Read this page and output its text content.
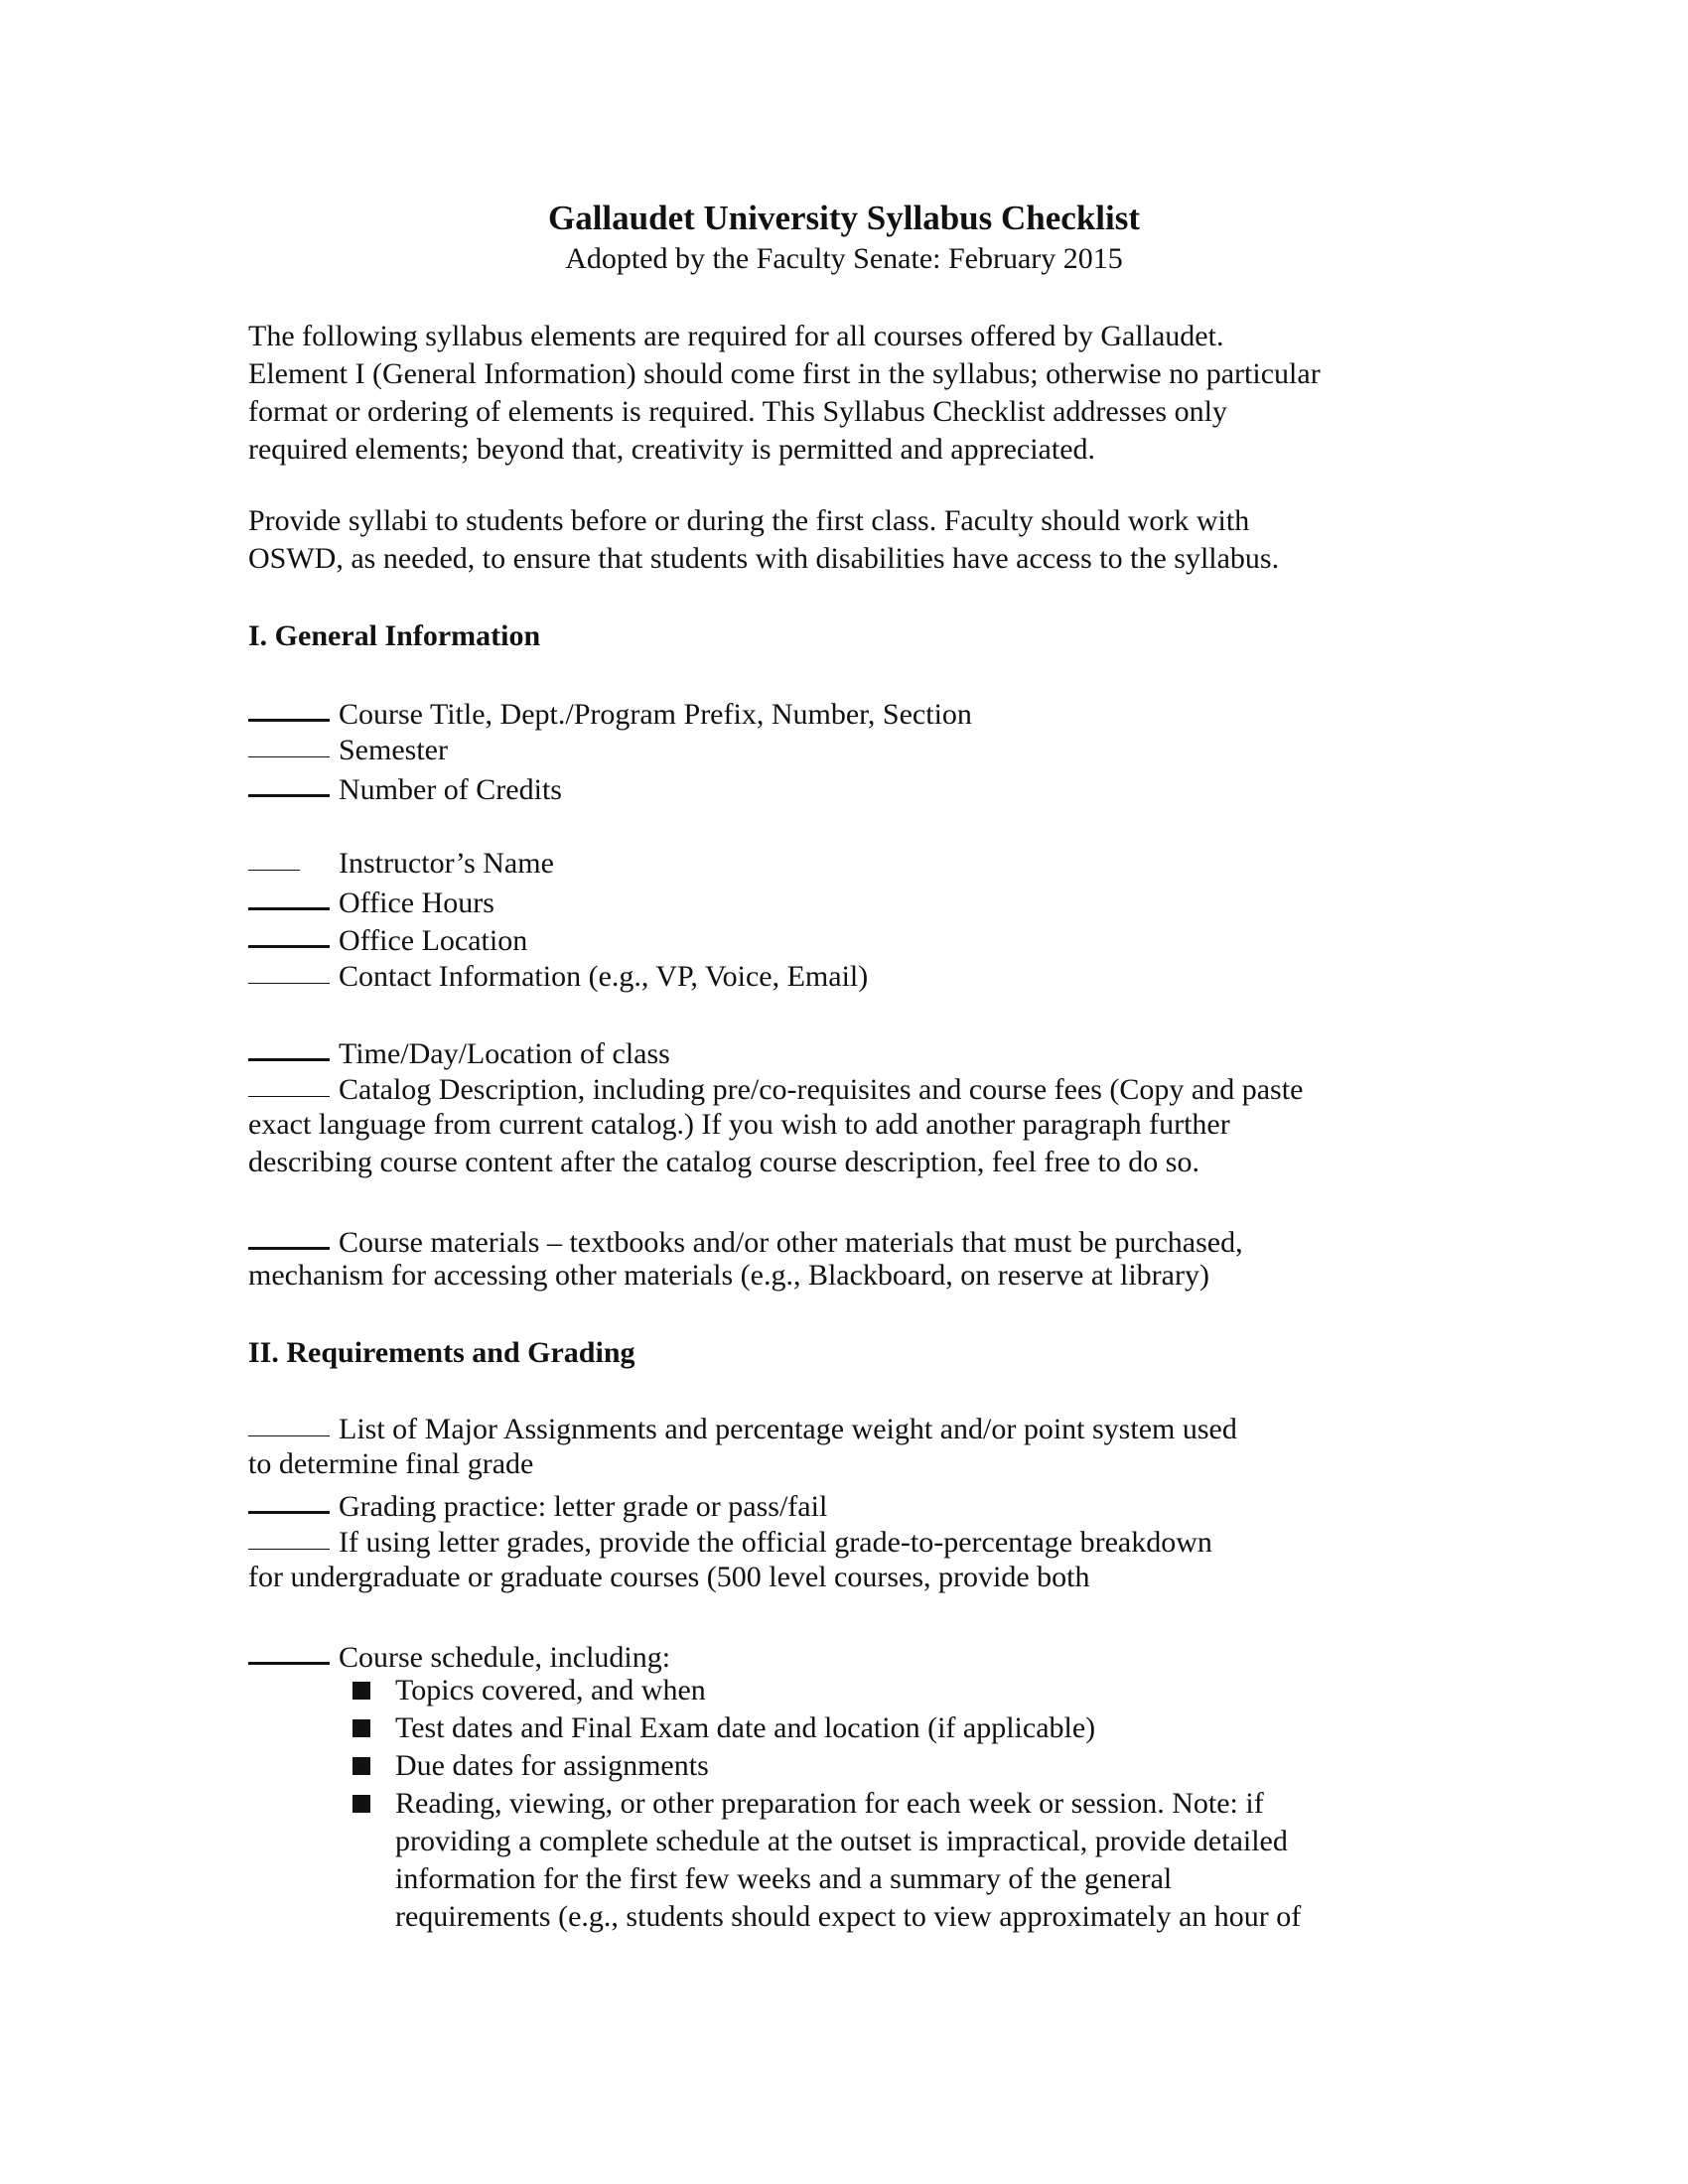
Gallaudet University Syllabus Checklist
Adopted by the Faculty Senate: February 2015
The following syllabus elements are required for all courses offered by Gallaudet.
Element I (General Information) should come first in the syllabus; otherwise no particular
format or ordering of elements is required. This Syllabus Checklist addresses only
required elements; beyond that, creativity is permitted and appreciated.
Provide syllabi to students before or during the first class. Faculty should work with
OSWD, as needed, to ensure that students with disabilities have access to the syllabus.
I. General Information
Course Title, Dept./Program Prefix, Number, Section
Semester
Number of Credits
Instructor’s Name
Office Hours
Office Location
Contact Information (e.g., VP, Voice, Email)
Time/Day/Location of class
Catalog Description, including pre/co-requisites and course fees (Copy and paste
exact language from current catalog.) If you wish to add another paragraph further
describing course content after the catalog course description, feel free to do so.
Course materials – textbooks and/or other materials that must be purchased,
mechanism for accessing other materials (e.g., Blackboard, on reserve at library)
II. Requirements and Grading
List of Major Assignments and percentage weight and/or point system used
to determine final grade
Grading practice: letter grade or pass/fail
If using letter grades, provide the official grade-to-percentage breakdown
for undergraduate or graduate courses (500 level courses, provide both
Course schedule, including:
Topics covered, and when
Test dates and Final Exam date and location (if applicable)
Due dates for assignments
Reading, viewing, or other preparation for each week or session. Note: if
providing a complete schedule at the outset is impractical, provide detailed
information for the first few weeks and a summary of the general
requirements (e.g., students should expect to view approximately an hour of
